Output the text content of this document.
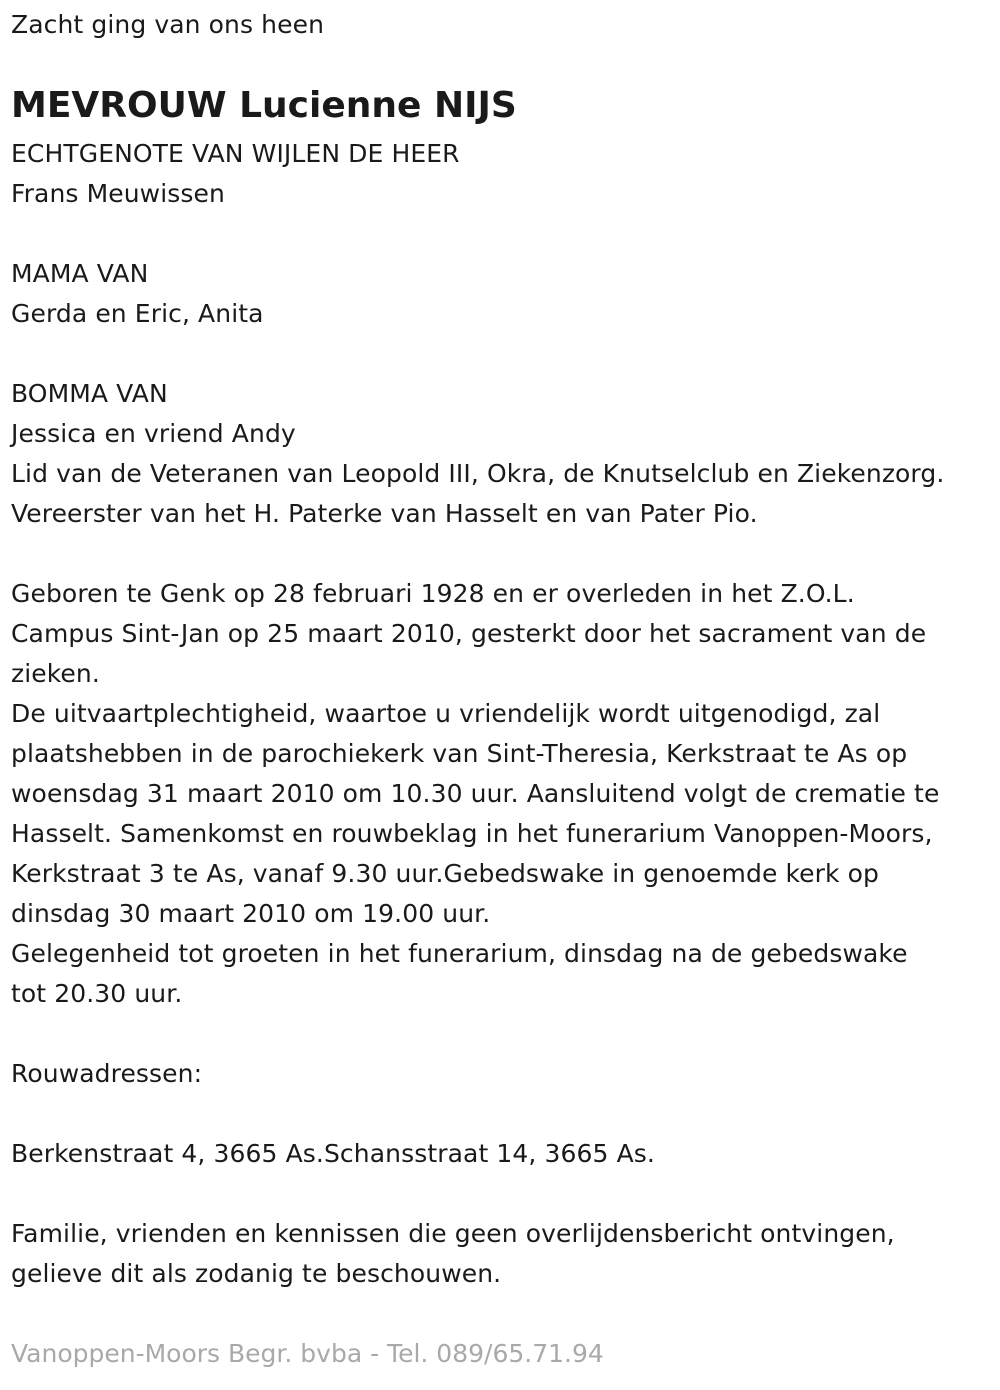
Zacht ging van ons heen
MEVROUW Lucienne NIJS
ECHTGENOTE VAN WIJLEN DE HEER
Frans Meuwissen
MAMA VAN
Gerda en Eric, Anita
BOMMA VAN
Jessica en vriend Andy
Lid van de Veteranen van Leopold III, Okra, de Knutselclub en Ziekenzorg.
Vereerster van het H. Paterke van Hasselt en van Pater Pio.
Geboren te Genk op 28 februari 1928 en er overleden in het Z.O.L.
Campus Sint-Jan op 25 maart 2010, gesterkt door het sacrament van de
zieken.
De uitvaartplechtigheid, waartoe u vriendelijk wordt uitgenodigd, zal
plaatshebben in de parochiekerk van Sint-Theresia, Kerkstraat te As op
woensdag 31 maart 2010 om 10.30 uur. Aansluitend volgt de crematie te
Hasselt. Samenkomst en rouwbeklag in het funerarium Vanoppen-Moors,
Kerkstraat 3 te As, vanaf 9.30 uur.Gebedswake in genoemde kerk op
dinsdag 30 maart 2010 om 19.00 uur.
Gelegenheid tot groeten in het funerarium, dinsdag na de gebedswake
tot 20.30 uur.
Rouwadressen:
Berkenstraat 4, 3665 As.Schansstraat 14, 3665 As.
Familie, vrienden en kennissen die geen overlijdensbericht ontvingen,
gelieve dit als zodanig te beschouwen.
Vanoppen-Moors Begr. bvba - Tel. 089/65.71.94
